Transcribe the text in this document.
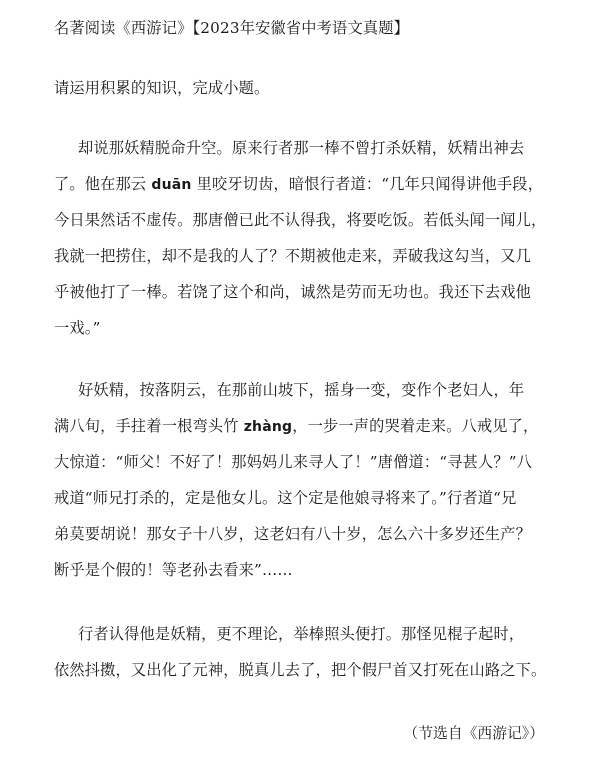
名著阅读《西游记》【2023年安徽省中考语文真题】
请运用积累的知识，完成小题。
却说那妖精脱命升空。原来行者那一棒不曾打杀妖精，妖精出神去
了。他在那云 duān 里咬牙切齿，暗恨行者道：“几年只闻得讲他手段，
今日果然话不虚传。那唐僧已此不认得我，将要吃饭。若低头闻一闻儿，
我就一把捞住，却不是我的人了？不期被他走来，弄破我这勾当，又几
乎被他打了一棒。若饶了这个和尚，诚然是劳而无功也。我还下去戏他
一戏。”
好妖精，按落阴云，在那前山坡下，摇身一变，变作个老妇人，年
满八旬，手拄着一根弯头竹 zhàng，一步一声的哭着走来。八戒见了，
大惊道：“师父！不好了！那妈妈儿来寻人了！”唐僧道：“寻甚人？”八
戒道“师兄打杀的，定是他女儿。这个定是他娘寻将来了。”行者道“兄
弟莫要胡说！那女子十八岁，这老妇有八十岁，怎么六十多岁还生产？
断乎是个假的！等老孙去看来”……
行者认得他是妖精，更不理论，举棒照头便打。那怪见棍子起时，
依然抖擞，又出化了元神，脱真儿去了，把个假尸首又打死在山路之下。
（节选自《西游记》）
